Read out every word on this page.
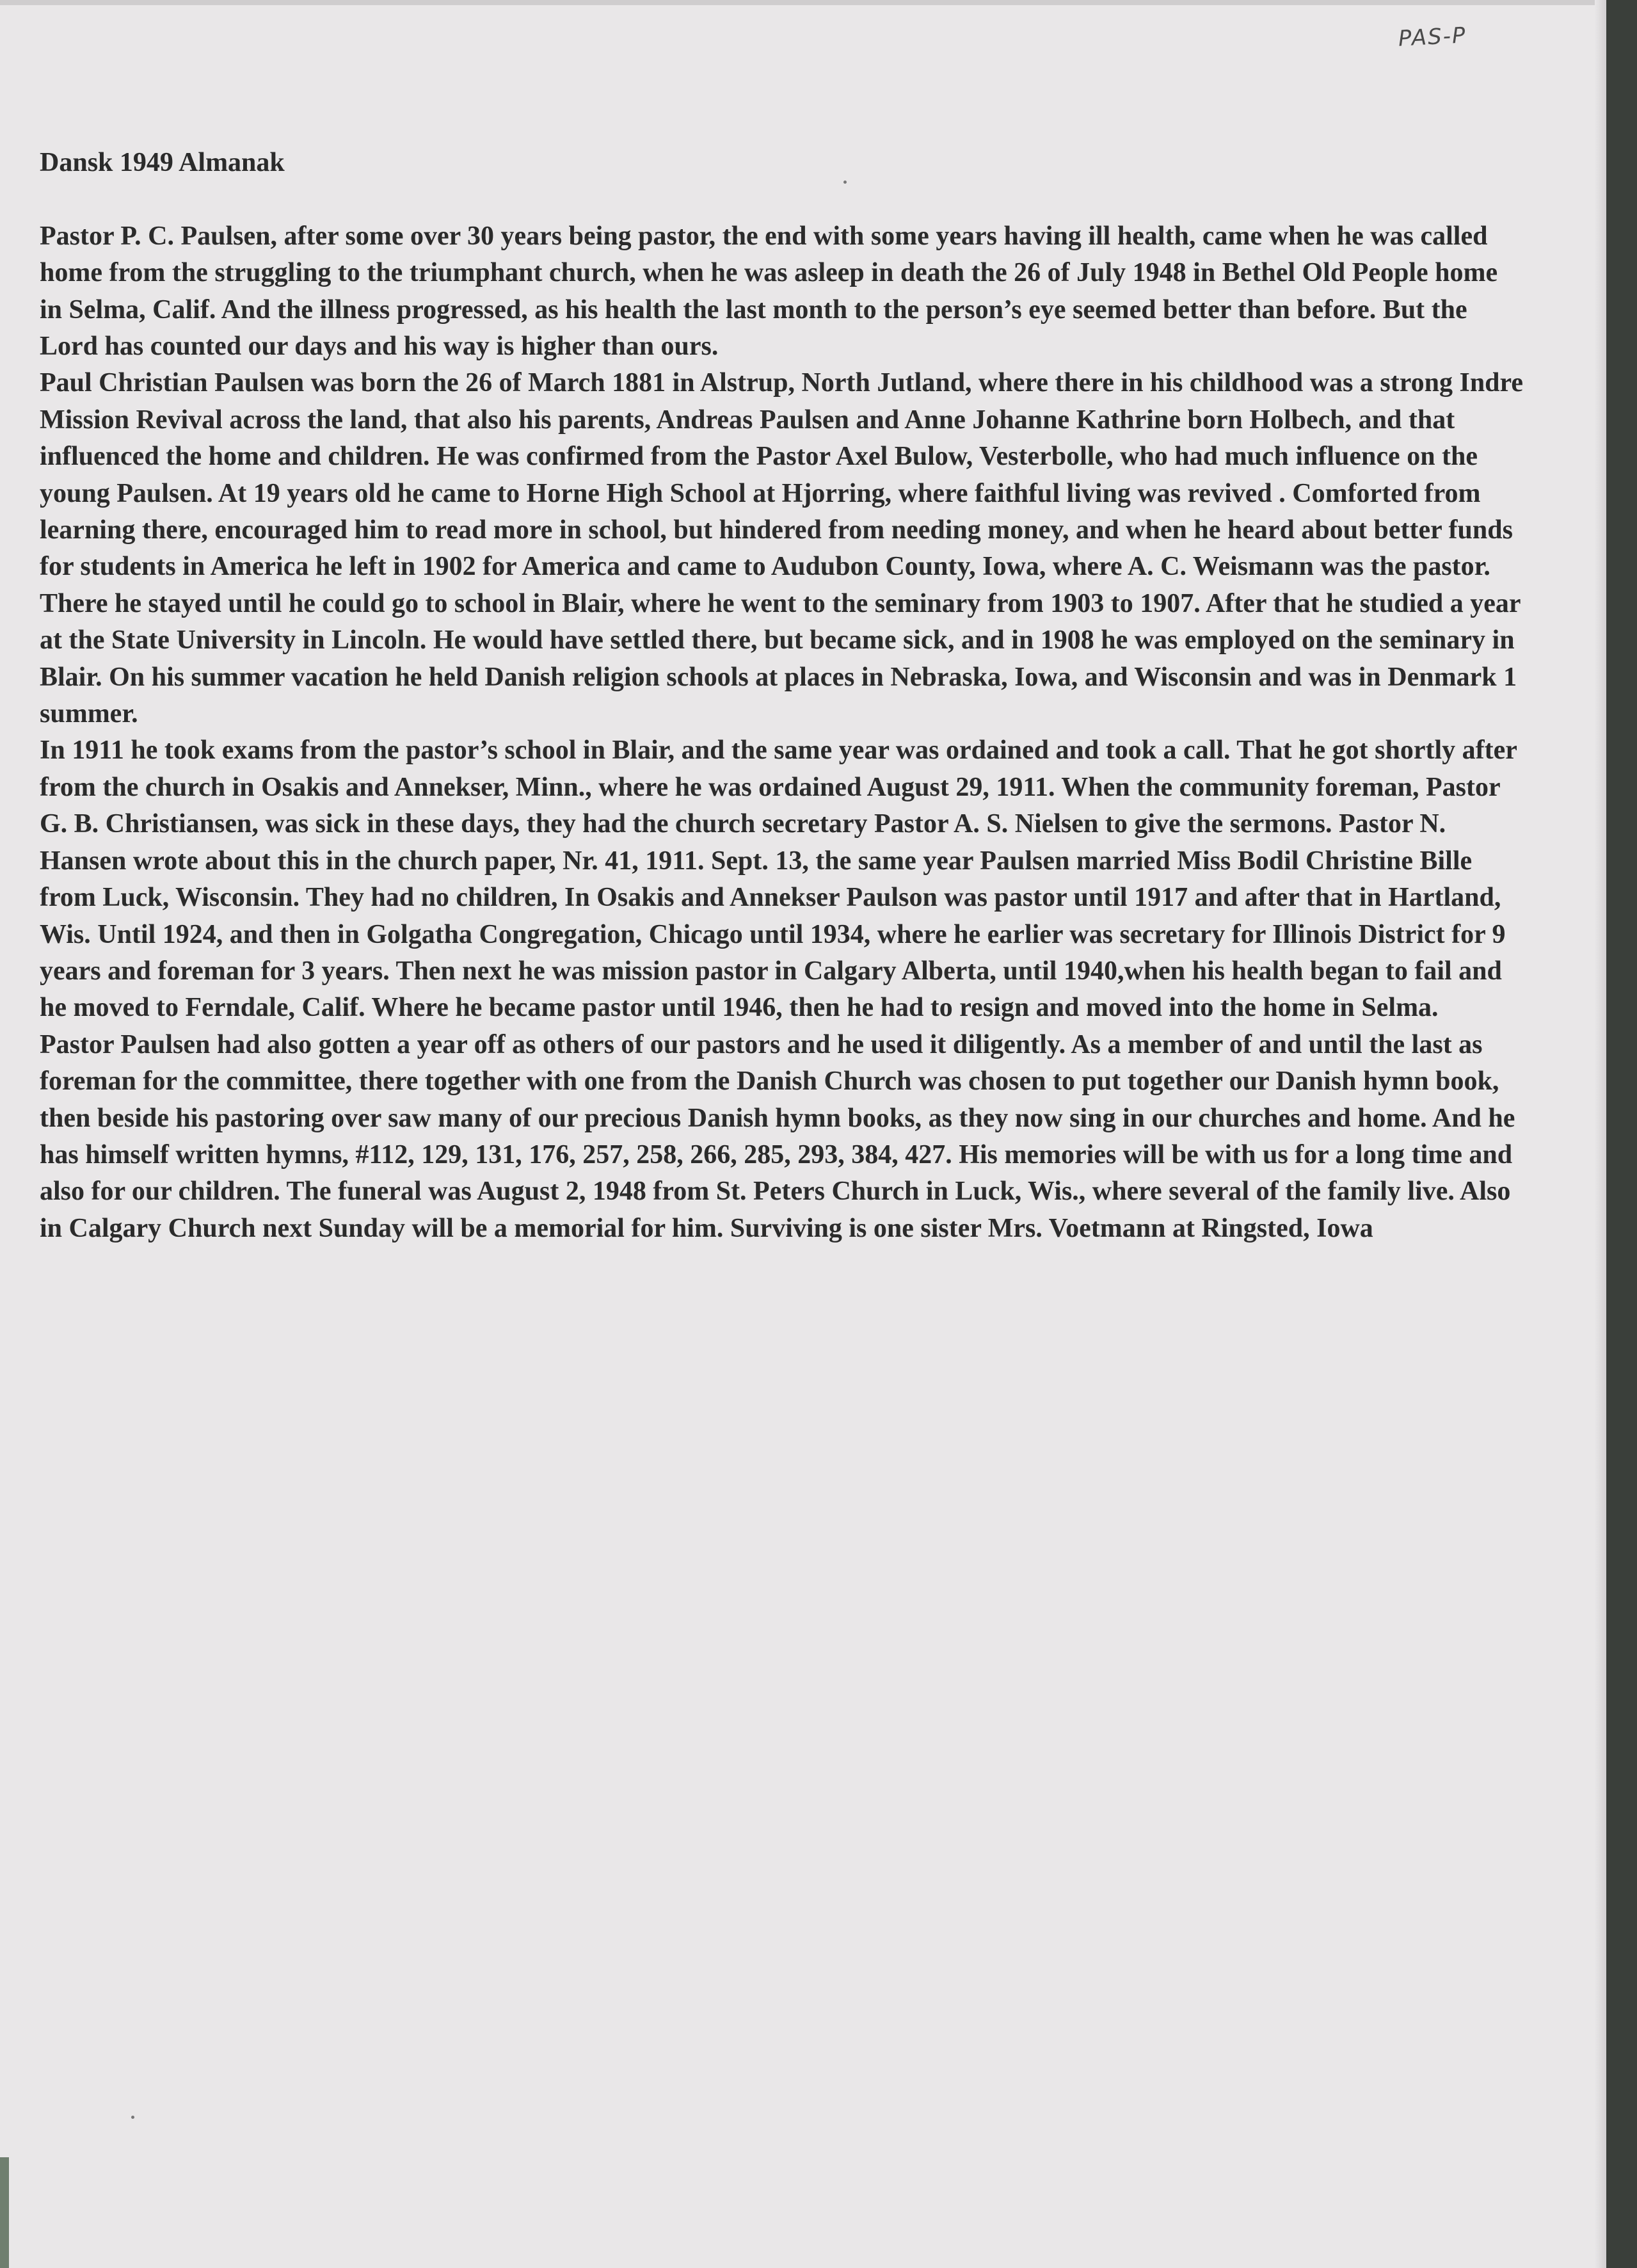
PAS-P

Dansk 1949 Almanak

Pastor P. C. Paulsen, after some over 30 years being pastor, the end with some years having ill health, came when he was called home from the struggling to the triumphant church, when he was asleep in death the 26 of July 1948 in Bethel Old People home in Selma, Calif. And the illness progressed, as his health the last month to the person’s eye seemed better than before. But the Lord has counted our days and his way is higher than ours.

Paul Christian Paulsen was born the 26 of March 1881 in Alstrup, North Jutland, where there in his childhood was a strong Indre Mission Revival across the land, that also his parents, Andreas Paulsen and Anne Johanne Kathrine born Holbech, and that influenced the home and children. He was confirmed from the Pastor Axel Bulow, Vesterbolle, who had much influence on the young Paulsen. At 19 years old he came to Horne High School at Hjorring, where faithful living was revived . Comforted from learning there, encouraged him to read more in school, but hindered from needing money, and when he heard about better funds for students in America he left in 1902 for America and came to Audubon County, Iowa, where A. C. Weismann was the pastor. There he stayed until he could go to school in Blair, where he went to the seminary from 1903 to 1907. After that he studied a year at the State University in Lincoln. He would have settled there, but became sick, and in 1908 he was employed on the seminary in Blair. On his summer vacation he held Danish religion schools at places in Nebraska, Iowa, and Wisconsin and was in Denmark 1 summer.

In 1911 he took exams from the pastor’s school in Blair, and the same year was ordained and took a call. That he got shortly after from the church in Osakis and Annekser, Minn., where he was ordained August 29, 1911. When the community foreman, Pastor G. B. Christiansen, was sick in these days, they had the church secretary Pastor A. S. Nielsen to give the sermons. Pastor N. Hansen wrote about this in the church paper, Nr. 41, 1911. Sept. 13, the same year Paulsen married Miss Bodil Christine Bille from Luck, Wisconsin. They had no children, In Osakis and Annekser Paulson was pastor until 1917 and after that in Hartland, Wis. Until 1924, and then in Golgatha Congregation, Chicago until 1934, where he earlier was secretary for Illinois District for 9 years and foreman for 3 years. Then next he was mission pastor in Calgary Alberta, until 1940,when his health began to fail and he moved to Ferndale, Calif. Where he became pastor until 1946, then he had to resign and moved into the home in Selma.

Pastor Paulsen had also gotten a year off as others of our pastors and he used it diligently. As a member of and until the last as foreman for the committee, there together with one from the Danish Church was chosen to put together our Danish hymn book, then beside his pastoring over saw many of our precious Danish hymn books, as they now sing in our churches and home. And he has himself written hymns, #112, 129, 131, 176, 257, 258, 266, 285, 293, 384, 427. His memories will be with us for a long time and also for our children. The funeral was August 2, 1948 from St. Peters Church in Luck, Wis., where several of the family live. Also in Calgary Church next Sunday will be a memorial for him. Surviving is one sister Mrs. Voetmann at Ringsted, Iowa
